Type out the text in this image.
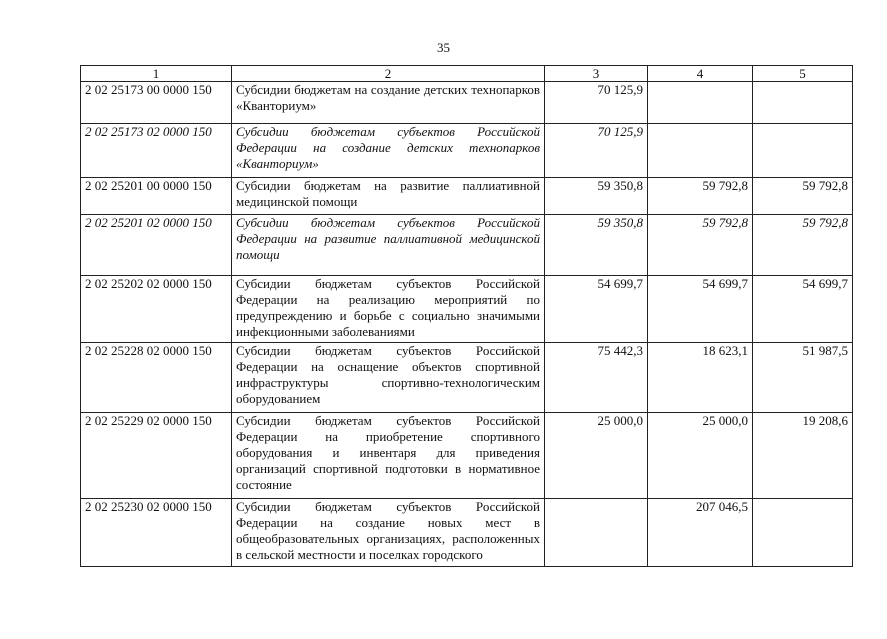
35
1	2	3	4	5
2 02 25173 00 0000 150	Субсидии бюджетам на создание детских технопарков «Кванториум»	70 125,9		
2 02 25173 02 0000 150	Субсидии бюджетам субъектов Российской Федерации на создание детских технопарков «Кванториум»	70 125,9		
2 02 25201 00 0000 150	Субсидии бюджетам на развитие паллиативной медицинской помощи	59 350,8	59 792,8	59 792,8
2 02 25201 02 0000 150	Субсидии бюджетам субъектов Российской Федерации на развитие паллиативной медицинской помощи	59 350,8	59 792,8	59 792,8
2 02 25202 02 0000 150	Субсидии бюджетам субъектов Российской Федерации на реализацию мероприятий по предупреждению и борьбе с социально значимыми инфекционными заболеваниями	54 699,7	54 699,7	54 699,7
2 02 25228 02 0000 150	Субсидии бюджетам субъектов Российской Федерации на оснащение объектов спортивной инфраструктуры спортивно-технологическим оборудованием	75 442,3	18 623,1	51 987,5
2 02 25229 02 0000 150	Субсидии бюджетам субъектов Российской Федерации на приобретение спортивного оборудования и инвентаря для приведения организаций спортивной подготовки в нормативное состояние	25 000,0	25 000,0	19 208,6
2 02 25230 02 0000 150	Субсидии бюджетам субъектов Российской Федерации на создание новых мест в общеобразовательных организациях, расположенных в сельской местности и поселках городского		207 046,5	
